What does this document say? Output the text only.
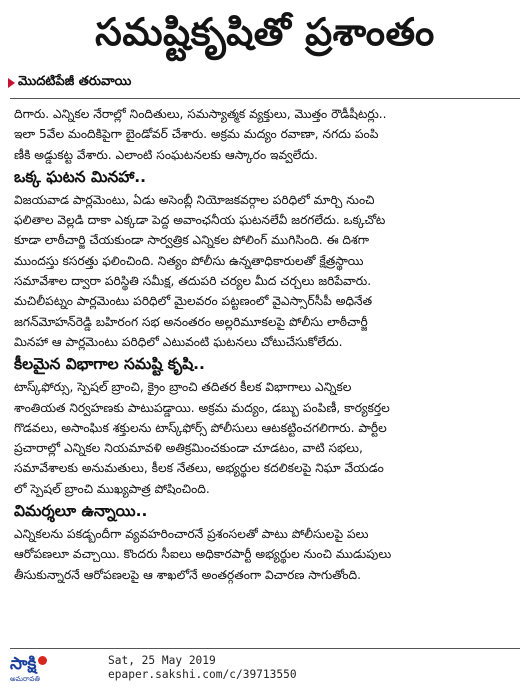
సమష్టికృషితో ప్రశాంతం
మొదటిపేజీ తరువాయి
దిగారు. ఎన్నికల నేరాల్లో నిందితులు, సమస్యాత్మక వ్యక్తులు, మొత్తం రౌడీషీటర్లు..
ఇలా 5వేల మందికిపైగా బైండోవర్ చేశారు. అక్రమ మద్యం రవాణా, నగదు పంపి
ణీకి అడ్డుకట్ట వేశారు. ఎలాంటి సంఘటనలకు ఆస్కారం ఇవ్వలేదు.
ఒక్క ఘటన మినహా..
విజయవాడ పార్లమెంటు, ఏడు అసెంబ్లీ నియోజకవర్గాల పరిధిలో మార్చి నుంచి
ఫలితాల వెల్లడి దాకా ఎక్కడా పెద్ద అవాంఛనీయ ఘటనలేవీ జరగలేదు. ఒక్కచోట
కూడా లాఠీచార్జి చేయకుండా సార్వత్రిక ఎన్నికల పోలింగ్ ముగిసింది. ఈ దిశగా
ముందస్తు కసరత్తు ఫలించింది. నిత్యం పోలీసు ఉన్నతాధికారులతో క్షేత్రస్థాయి
సమావేశాల ద్వారా పరిస్థితి సమీక్ష, తదుపరి చర్యల మీద చర్చలు జరిపేవారు.
మచిలీపట్నం పార్లమెంటు పరిధిలో మైలవరం పట్టణంలో వైఎస్సార్‌సీపీ అధినేత
జగన్‌మోహన్‌రెడ్డి బహిరంగ సభ అనంతరం అల్లరిమూకలపై పోలీసు లాఠీచార్జీ
మినహా ఆ పార్లమెంటు పరిధిలో ఎటువంటి ఘటనలు చోటుచేసుకోలేదు.
కీలమైన విభాగాల సమష్టి కృషి..
టాస్క్‌ఫోర్సు, స్పెషల్ బ్రాంచి, క్రైం బ్రాంచి తదితర కీలక విభాగాలు ఎన్నికల
శాంతియత నిర్వహణకు పాటుపడ్డాయి. అక్రమ మద్యం, డబ్బు పంపిణీ, కార్యకర్తల
గొడవలు, అసాంఘిక శక్తులను టాస్క్‌ఫోర్స్ పోలీసులు ఆటకట్టించగలిగారు. పార్టీల
ప్రచారాల్లో ఎన్నికల నియమావళి అతిక్రమించకుండా చూడటం, వాటి సభలు,
సమావేశాలకు అనుమతులు, కీలక నేతలు, అభ్యర్థుల కదలికలపై నిఘా వేయడం
లో స్పెషల్ బ్రాంచి ముఖ్యపాత్ర పోషించింది.
విమర్శలూ ఉన్నాయి..
ఎన్నికలను పకడ్బందీగా వ్యవహరించారనే ప్రశంసలతో పాటు పోలీసులపై పలు
ఆరోపణలూ వచ్చాయి. కొందరు సీఐలు అధికారపార్టీ అభ్యర్థుల నుంచి ముడుపులు
తీసుకున్నారనే ఆరోపణలపై ఆ శాఖలోనే అంతర్గతంగా విచారణ సాగుతోంది.
సాక్షి
అమరావతి
Sat, 25 May 2019
epaper.sakshi.com/c/39713550
